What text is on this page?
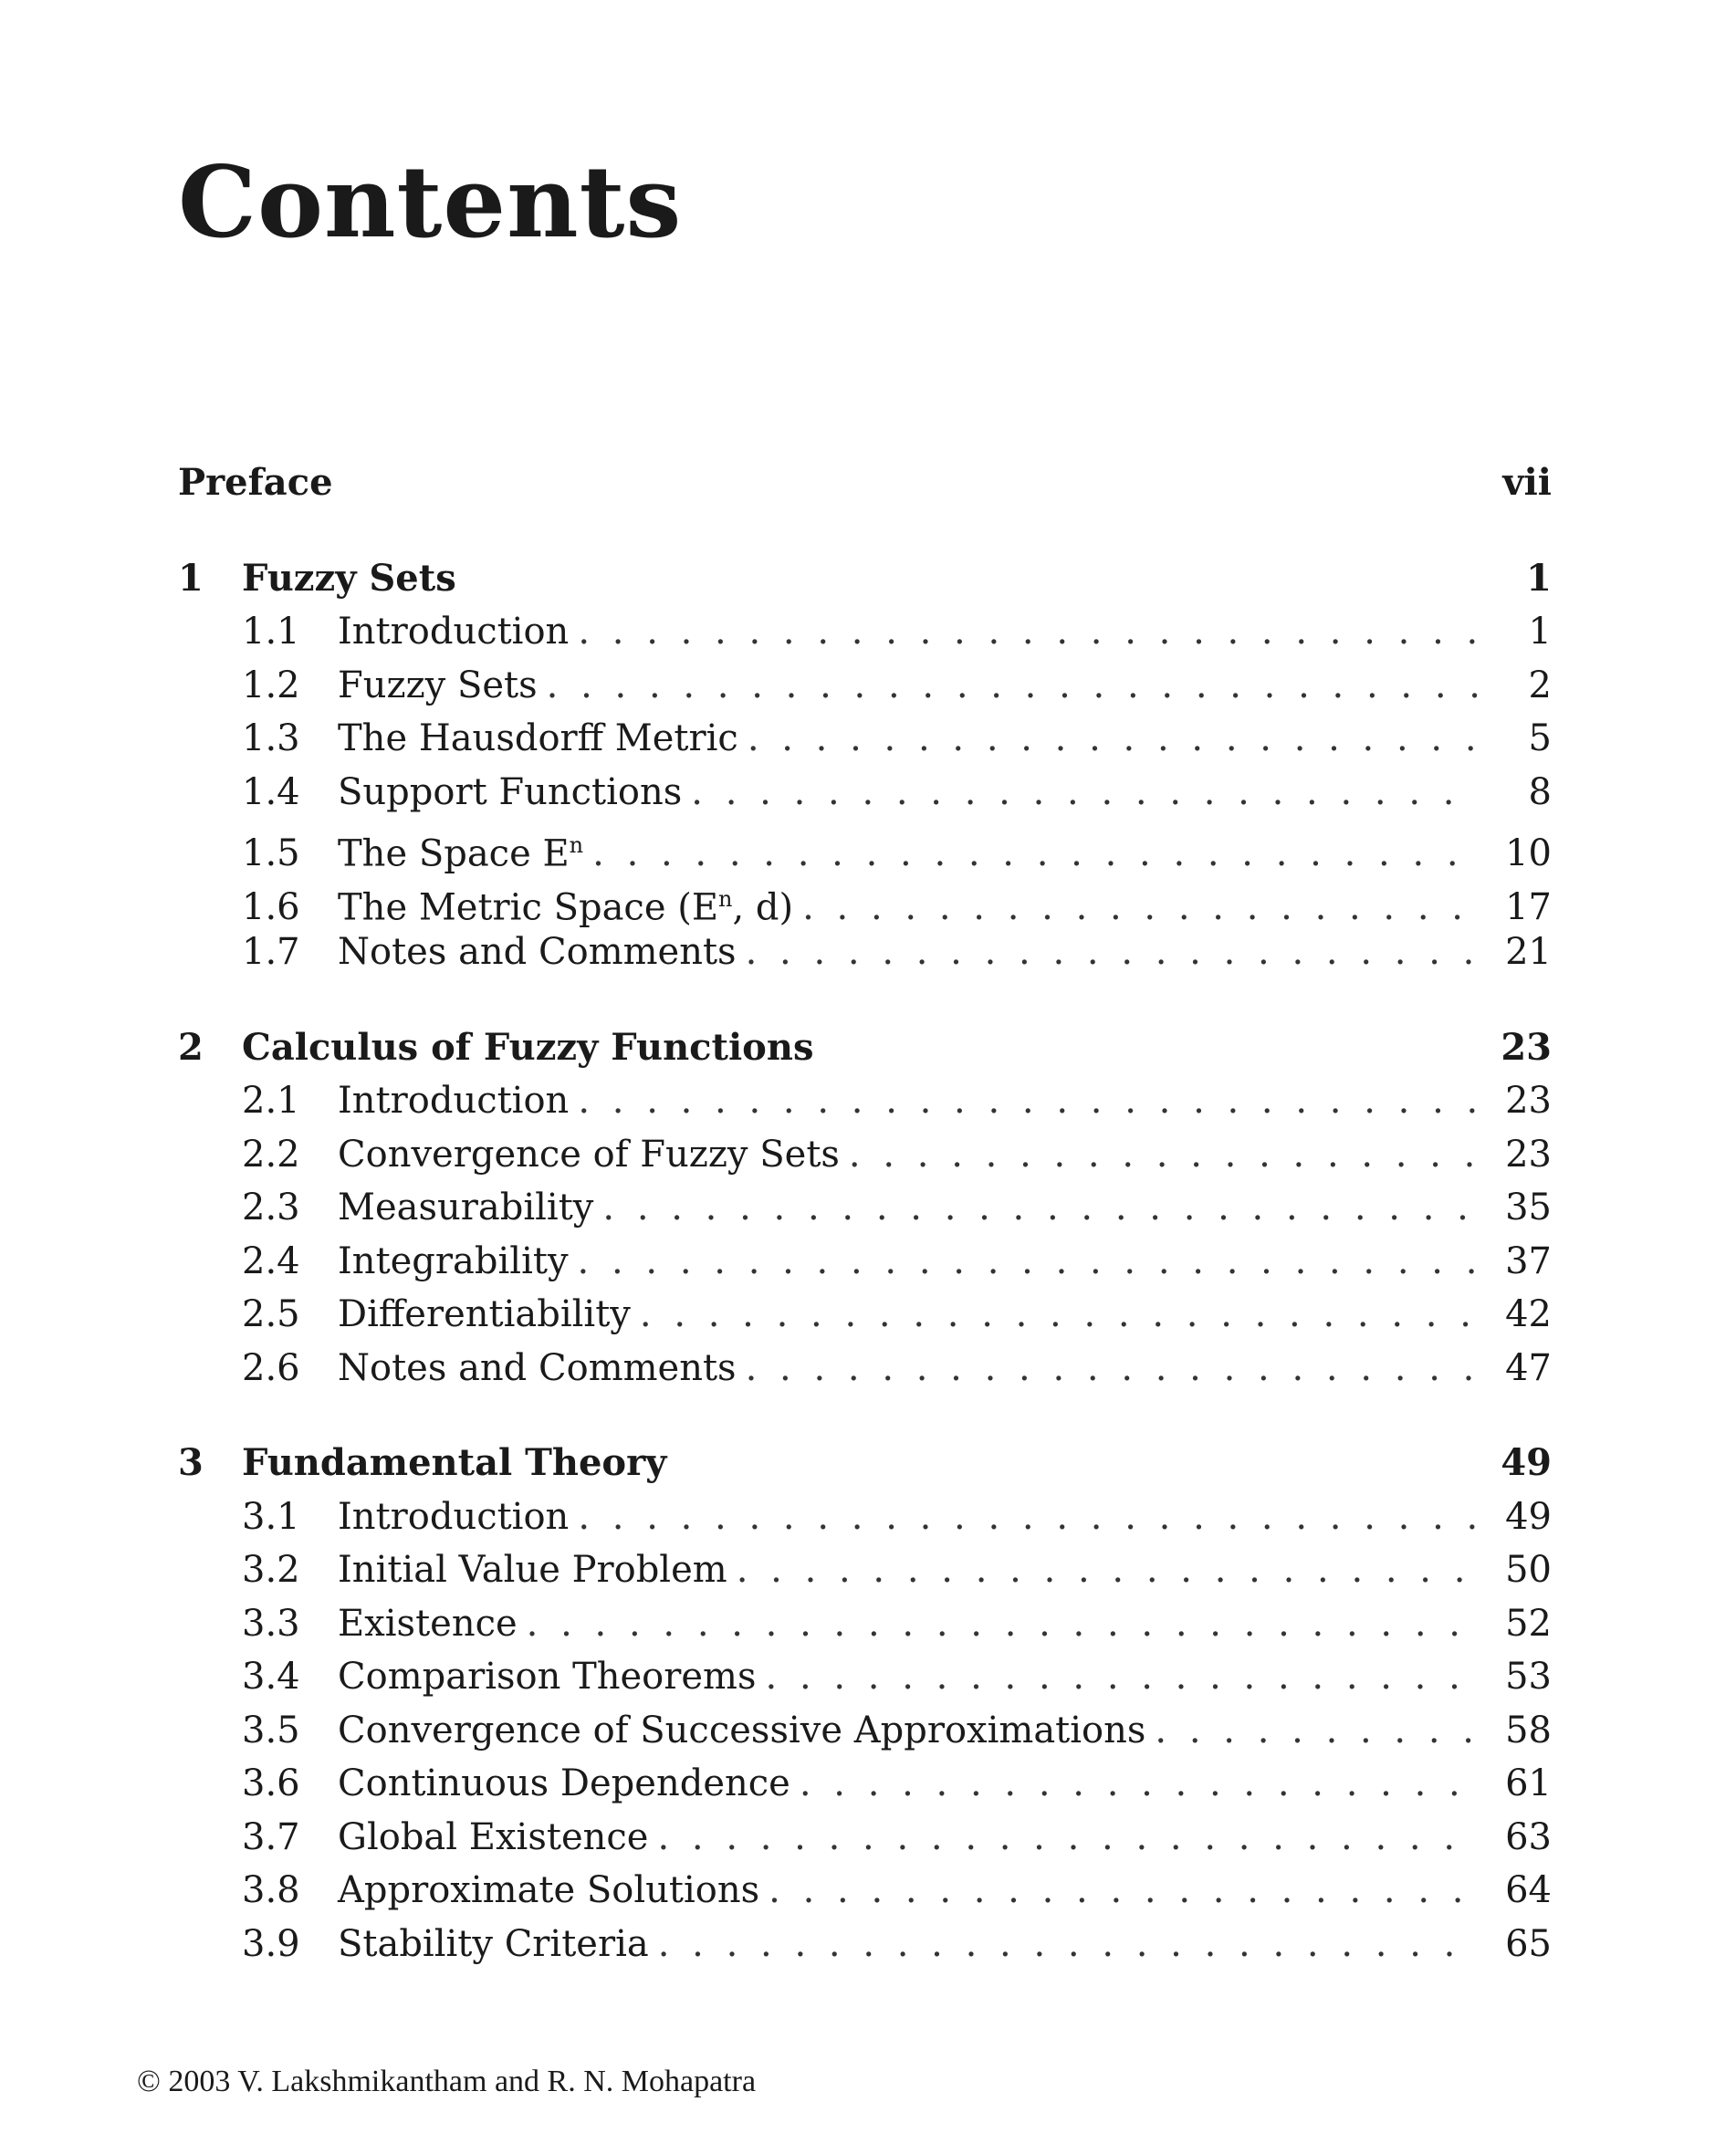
Contents
Preface	vii
1	Fuzzy Sets	1
1.1	Introduction . . .	1
1.2	Fuzzy Sets . . .	2
1.3	The Hausdorff Metric . . .	5
1.4	Support Functions . . .	8
1.5	The Space $E^n$ . . .	10
1.6	The Metric Space ($E^n$, d) . . .	17
1.7	Notes and Comments . . .	21
2	Calculus of Fuzzy Functions	23
2.1	Introduction . . .	23
2.2	Convergence of Fuzzy Sets . . .	23
2.3	Measurability . . .	35
2.4	Integrability . . .	37
2.5	Differentiability . . .	42
2.6	Notes and Comments . . .	47
3	Fundamental Theory	49
3.1	Introduction . . .	49
3.2	Initial Value Problem . . .	50
3.3	Existence . . .	52
3.4	Comparison Theorems . . .	53
3.5	Convergence of Successive Approximations . . .	58
3.6	Continuous Dependence . . .	61
3.7	Global Existence . . .	63
3.8	Approximate Solutions . . .	64
3.9	Stability Criteria . . .	65
© 2003 V. Lakshmikantham and R. N. Mohapatra
